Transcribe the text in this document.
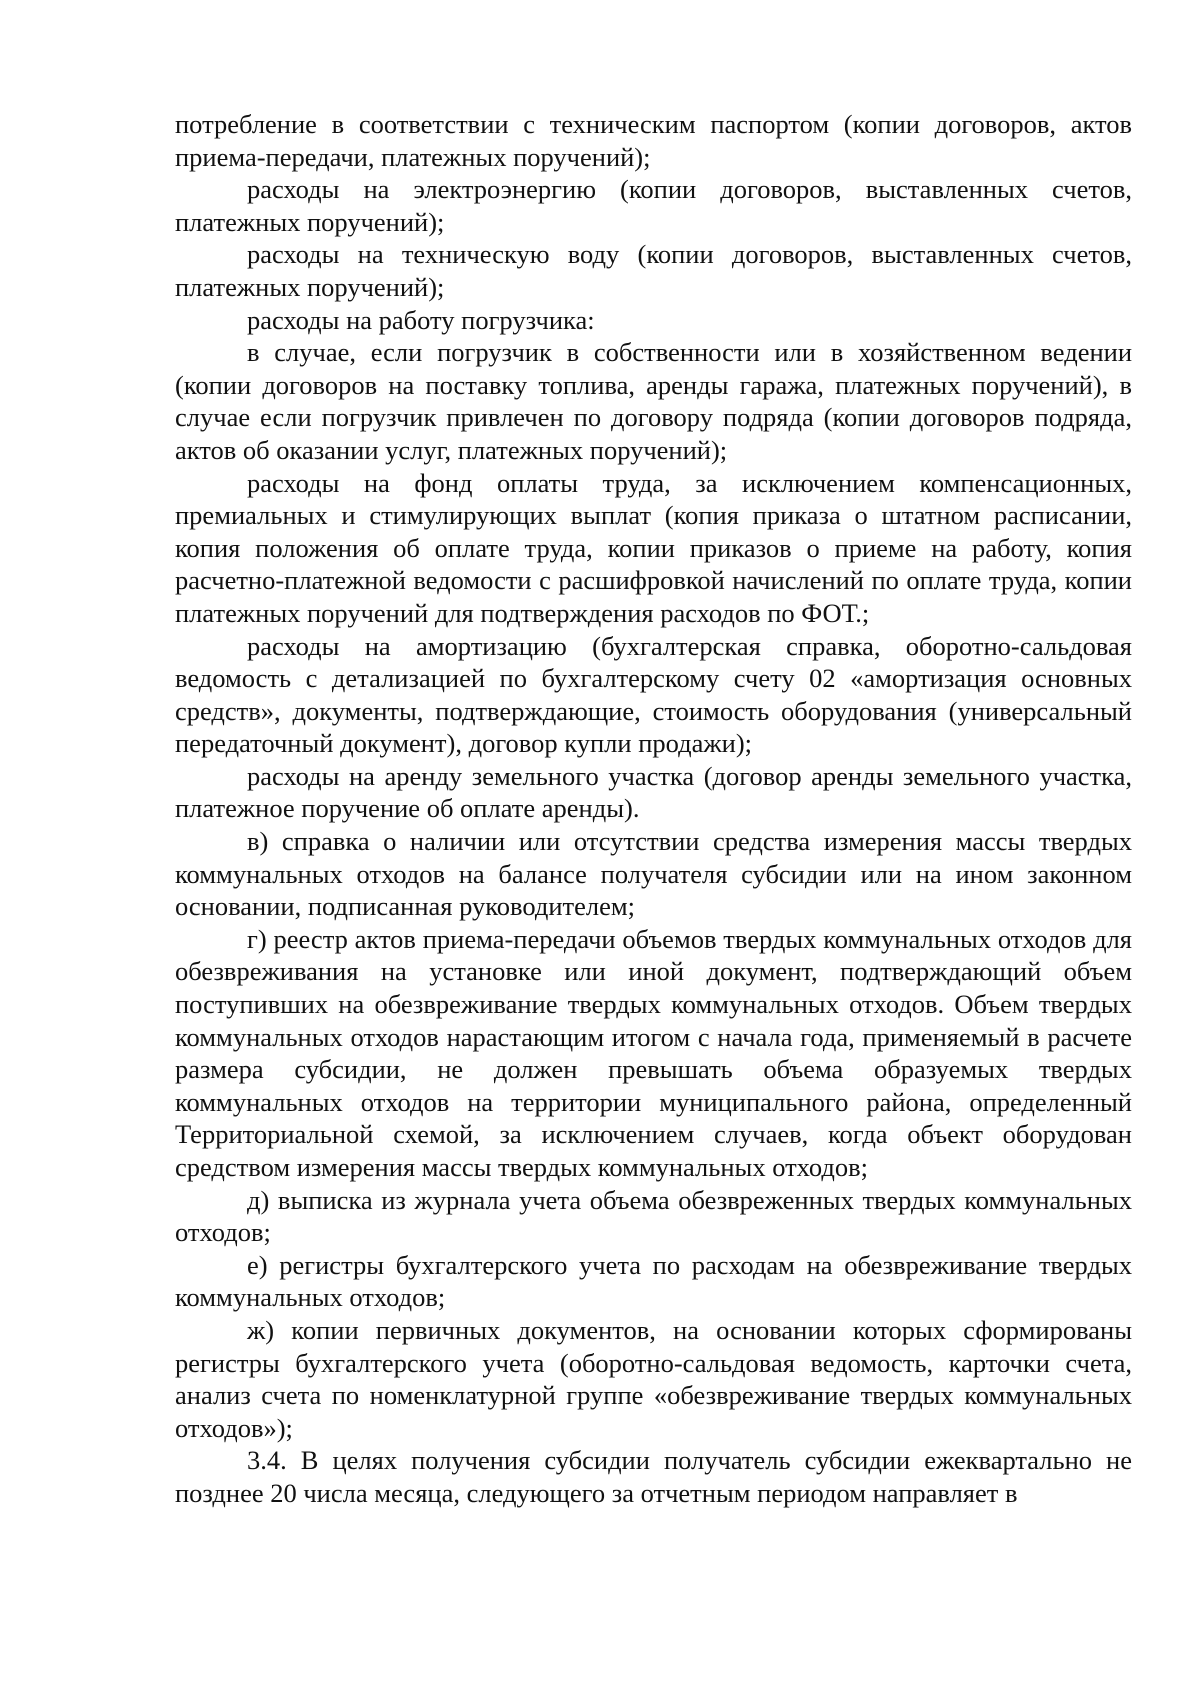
потребление в соответствии с техническим паспортом (копии договоров, актов приема-передачи, платежных поручений);

расходы на электроэнергию (копии договоров, выставленных счетов, платежных поручений);

расходы на техническую воду (копии договоров, выставленных счетов, платежных поручений);

расходы на работу погрузчика:

в случае, если погрузчик в собственности или в хозяйственном ведении (копии договоров на поставку топлива, аренды гаража, платежных поручений), в случае если погрузчик привлечен по договору подряда (копии договоров подряда, актов об оказании услуг, платежных поручений);

расходы на фонд оплаты труда, за исключением компенсационных, премиальных и стимулирующих выплат (копия приказа о штатном расписании, копия положения об оплате труда, копии приказов о приеме на работу, копия расчетно-платежной ведомости с расшифровкой начислений по оплате труда, копии платежных поручений для подтверждения расходов по ФОТ.;

расходы на амортизацию (бухгалтерская справка, оборотно-сальдовая ведомость с детализацией по бухгалтерскому счету 02 «амортизация основных средств», документы, подтверждающие, стоимость оборудования (универсальный передаточный документ), договор купли продажи);

расходы на аренду земельного участка (договор аренды земельного участка, платежное поручение об оплате аренды).

в) справка о наличии или отсутствии средства измерения массы твердых коммунальных отходов на балансе получателя субсидии или на ином законном основании, подписанная руководителем;

г) реестр актов приема-передачи объемов твердых коммунальных отходов для обезвреживания на установке или иной документ, подтверждающий объем поступивших на обезвреживание твердых коммунальных отходов. Объем твердых коммунальных отходов нарастающим итогом с начала года, применяемый в расчете размера субсидии, не должен превышать объема образуемых твердых коммунальных отходов на территории муниципального района, определенный Территориальной схемой, за исключением случаев, когда объект оборудован средством измерения массы твердых коммунальных отходов;

д) выписка из журнала учета объема обезвреженных твердых коммунальных отходов;

е) регистры бухгалтерского учета по расходам на обезвреживание твердых коммунальных отходов;

ж) копии первичных документов, на основании которых сформированы регистры бухгалтерского учета (оборотно-сальдовая ведомость, карточки счета, анализ счета по номенклатурной группе «обезвреживание твердых коммунальных отходов»);

3.4. В целях получения субсидии получатель субсидии ежеквартально не позднее 20 числа месяца, следующего за отчетным периодом направляет в
